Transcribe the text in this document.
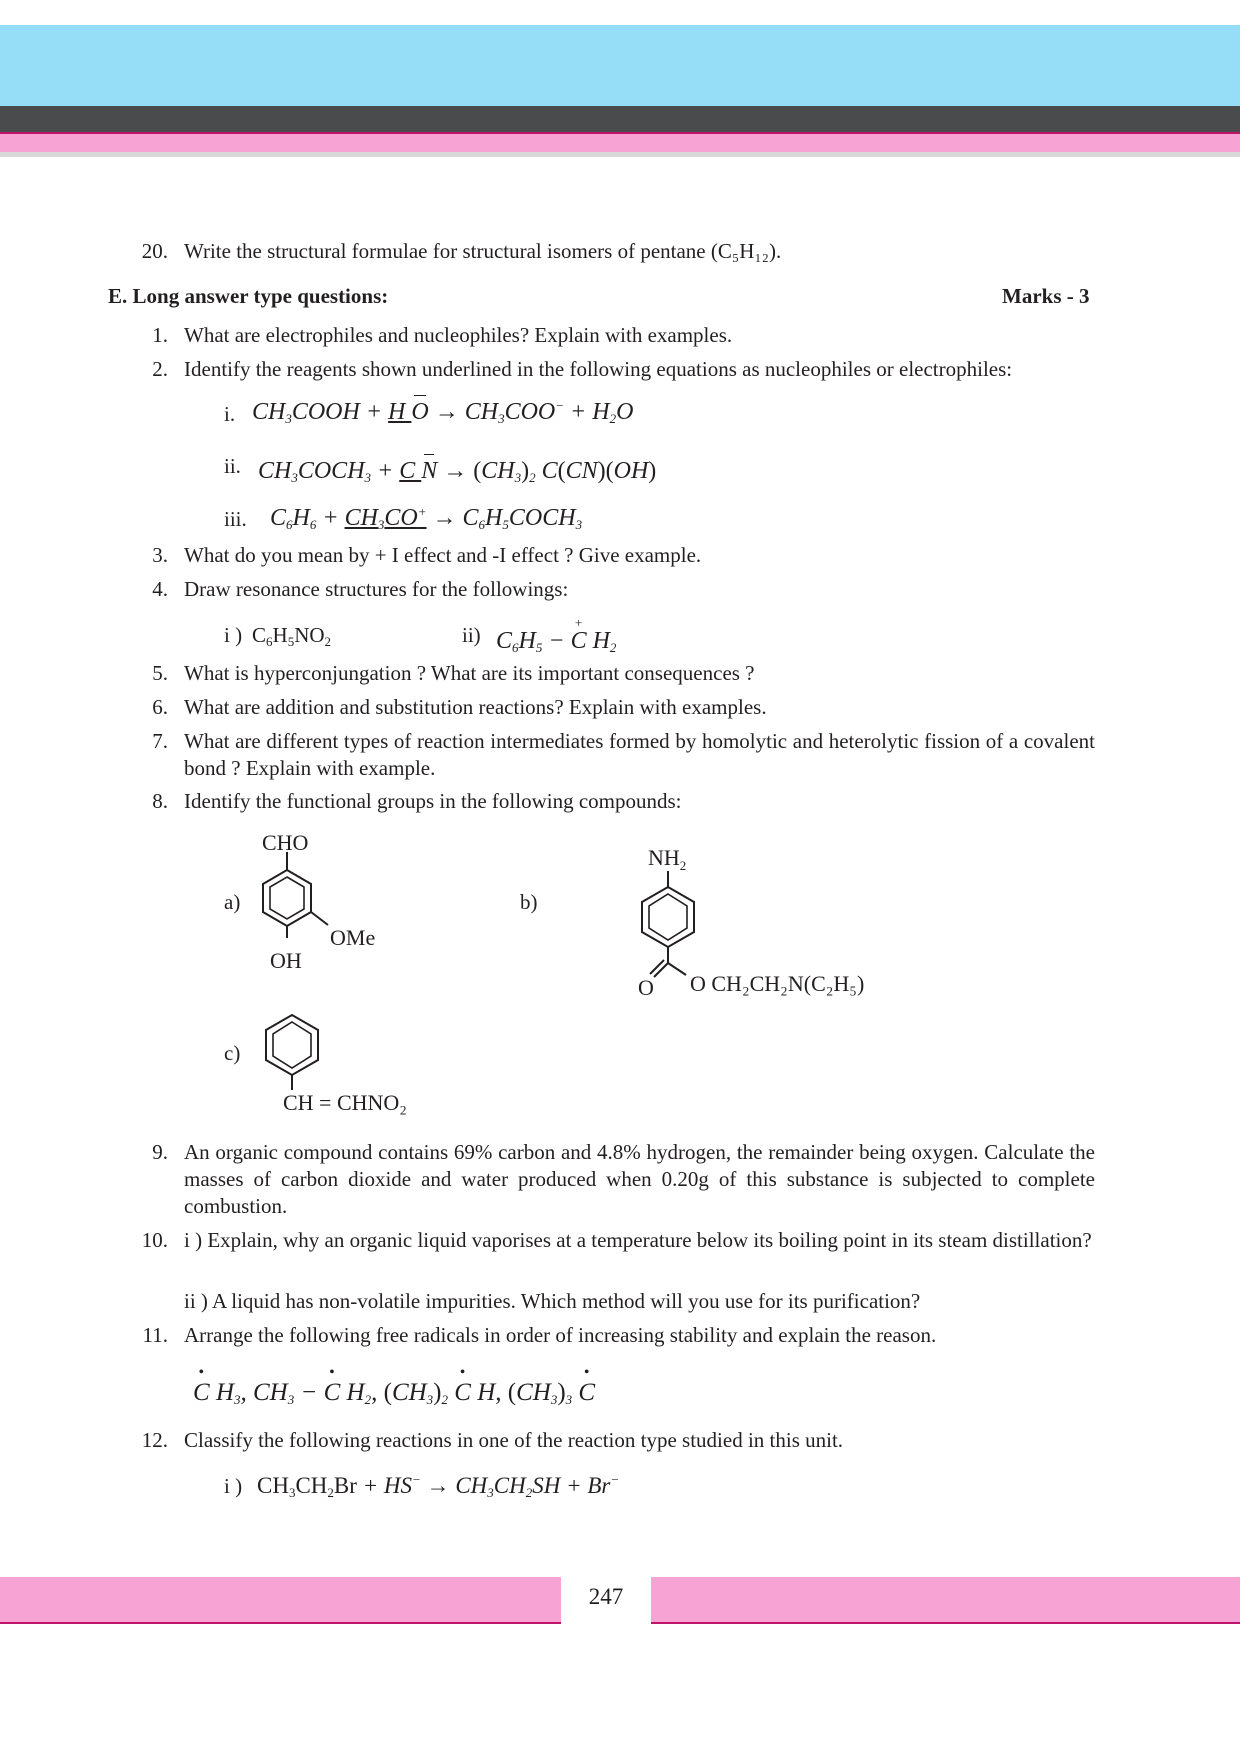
20. Write the structural formulae for structural isomers of pentane (C₅H₁₂).
E. Long answer type questions:	Marks - 3
1. What are electrophiles and nucleophiles? Explain with examples.
2. Identify the reagents shown underlined in the following equations as nucleophiles or electrophiles:
i. $CH_3COOH + H$ $O \to CH_3COO^- + H_2O$
ii. $CH_3COCH_3 + C$ $N \to (CH_3)_2$ C(CN)(OH)
iii. $C_6H_6 + CH_3CO^+$ → $C_6H_5COCH_3$
3. What do you mean by + I effect and -I effect ? Give example.
4. Draw resonance structures for the followings:
i ) $C_6H_5NO_2$	ii) $C_6H_5$ − + C $H_2$
5. What is hyperconjungation ? What are its important consequences ?
6. What are addition and substitution reactions? Explain with examples.
7. What are different types of reaction intermediates formed by homolytic and heterolytic fission of a covalent bond ? Explain with example.
8. Identify the functional groups in the following compounds:
a)	b)
c)
CHO
OMe
OH
$NH_2$
O O CH₂CH₂N(C₂H₅)
CH = CHNO₂
9. An organic compound contains 69% carbon and 4.8% hydrogen, the remainder being oxygen. Calculate the masses of carbon dioxide and water produced when 0.20g of this substance is subjected to complete combustion.
10. i ) Explain, why an organic liquid vaporises at a temperature below its boiling point in its steam distillation?
ii ) A liquid has non-volatile impurities. Which method will you use for its purification?
11. Arrange the following free radicals in order of increasing stability and explain the reason.
• C $H_3$, $CH_3$ − • C $H_2$, $(CH_3)_2$ • C H, $(CH_3)_3$ • C
12. Classify the following reactions in one of the reaction type studied in this unit.
i ) $CH_3CH_2Br + HS^- \to CH_3CH_2SH + Br^-$
247
